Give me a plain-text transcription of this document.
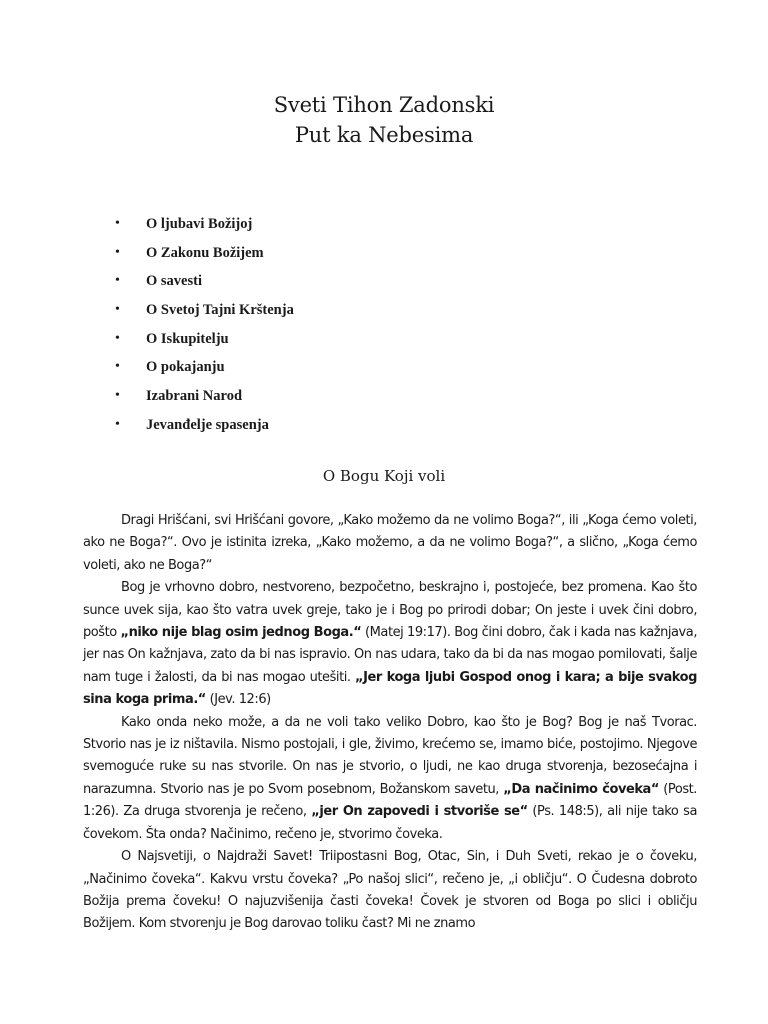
Sveti Tihon Zadonski
Put ka Nebesima
• O ljubavi Božijoj
• O Zakonu Božijem
• O savesti
• O Svetoj Tajni Krštenja
• O Iskupitelju
• O pokajanju
• Izabrani Narod
• Jevanđelje spasenja
O Bogu Koji voli

Dragi Hrišćani, svi Hrišćani govore, „Kako možemo da ne volimo Boga?“, ili „Koga ćemo voleti, ako ne Boga?“. Ovo je istinita izreka, „Kako možemo, a da ne volimo Boga?“, a slično, „Koga ćemo voleti, ako ne Boga?“

Bog je vrhovno dobro, nestvoreno, bezpočetno, beskrajno i, postojeće, bez promena. Kao što sunce uvek sija, kao što vatra uvek greje, tako je i Bog po prirodi dobar; On jeste i uvek čini dobro, pošto „niko nije blag osim jednog Boga.“ (Matej 19:17). Bog čini dobro, čak i kada nas kažnjava, jer nas On kažnjava, zato da bi nas ispravio. On nas udara, tako da bi da nas mogao pomilovati, šalje nam tuge i žalosti, da bi nas mogao utešiti. „Jer koga ljubi Gospod onog i kara; a bije svakog sina koga prima.“ (Jev. 12:6)

Kako onda neko može, a da ne voli tako veliko Dobro, kao što je Bog? Bog je naš Tvorac. Stvorio nas je iz ništavila. Nismo postojali, i gle, živimo, krećemo se, imamo biće, postojimo. Njegove svemoguće ruke su nas stvorile. On nas je stvorio, o ljudi, ne kao druga stvorenja, bezosećajna i narazumna. Stvorio nas je po Svom posebnom, Božanskom savetu, „Da načinimo čoveka“ (Post. 1:26). Za druga stvorenja je rečeno, „jer On zapovedi i stvoriše se“ (Ps. 148:5), ali nije tako sa čovekom. Šta onda? Načinimo, rečeno je, stvorimo čoveka.

O Najsvetiji, o Najdraži Savet! Triipostasni Bog, Otac, Sin, i Duh Sveti, rekao je o čoveku, „Načinimo čoveka“. Kakvu vrstu čoveka? „Po našoj slici“, rečeno je, „i obličju“. O Čudesna dobroto Božija prema čoveku! O najuzvišenija časti čoveka! Čovek je stvoren od Boga po slici i obličju Božijem. Kom stvorenju je Bog darovao toliku čast? Mi ne znamo
